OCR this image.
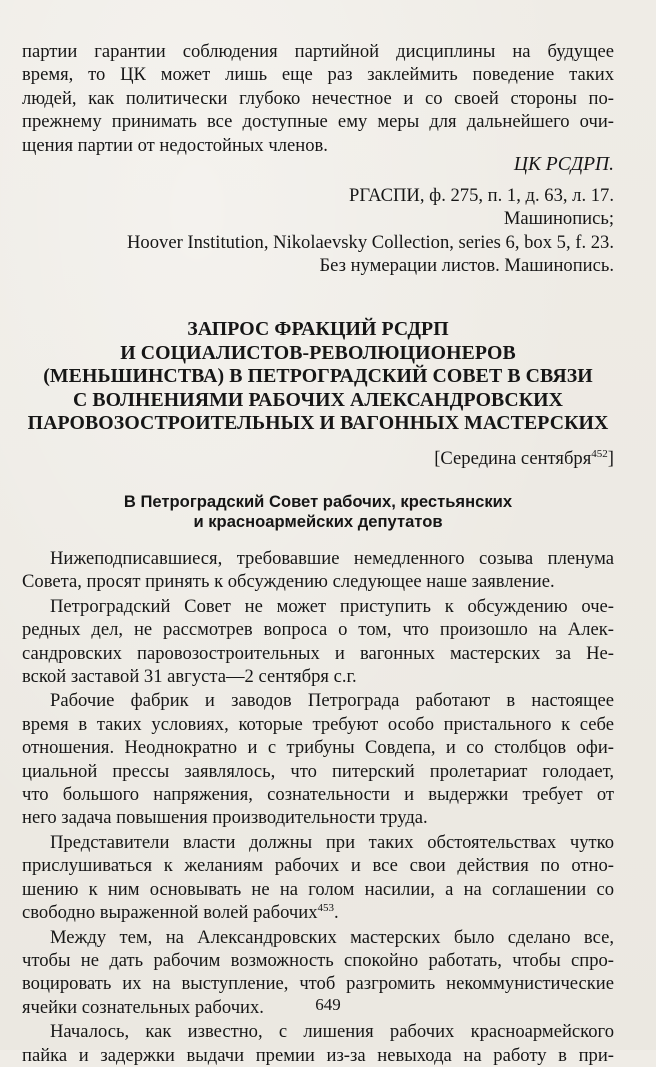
партии гарантии соблюдения партийной дисциплины на будущее

время, то ЦК может лишь еще раз заклеймить поведение таких

людей, как политически глубоко нечестное и со своей стороны по-

прежнему принимать все доступные ему меры для дальнейшего очи-

щения партии от недостойных членов.

ЦК РСДРП.

РГАСПИ, ф. 275, п. 1, д. 63, л. 17.

Машинопись;

Hoover Institution, Nikolaevsky Collection, series 6, box 5, f. 23.

Без нумерации листов. Машинопись.

ЗАПРОС ФРАКЦИЙ РСДРП
И СОЦИАЛИСТОВ-РЕВОЛЮЦИОНЕРОВ
(МЕНЬШИНСТВА) В ПЕТРОГРАДСКИЙ СОВЕТ В СВЯЗИ
С ВОЛНЕНИЯМИ РАБОЧИХ АЛЕКСАНДРОВСКИХ
ПАРОВОЗОСТРОИТЕЛЬНЫХ И ВАГОННЫХ МАСТЕРСКИХ

[Середина сентября$^{452}$]

В Петроградский Совет рабочих, крестьянских
и красноармейских депутатов

Нижеподписавшиеся, требовавшие немедленного созыва пленума

Совета, просят принять к обсуждению следующее наше заявление.

Петроградский Совет не может приступить к обсуждению оче-

редных дел, не рассмотрев вопроса о том, что произошло на Алек-

сандровских паровозостроительных и вагонных мастерских за Не-

вской заставой 31 августа—2 сентября с.г.

Рабочие фабрик и заводов Петрограда работают в настоящее

время в таких условиях, которые требуют особо пристального к себе

отношения. Неоднократно и с трибуны Совдепа, и со столбцов офи-

циальной прессы заявлялось, что питерский пролетариат голодает,

что большого напряжения, сознательности и выдержки требует от

него задача повышения производительности труда.

Представители власти должны при таких обстоятельствах чутко

прислушиваться к желаниям рабочих и все свои действия по отно-

шению к ним основывать не на голом насилии, а на соглашении со

свободно выраженной волей рабочих$^{453}$.

Между тем, на Александровских мастерских было сделано все,

чтобы не дать рабочим возможность спокойно работать, чтобы спро-

воцировать их на выступление, чтоб разгромить некоммунистические

ячейки сознательных рабочих.

Началось, как известно, с лишения рабочих красноармейского

пайка и задержки выдачи премии из-за невыхода на работу в при-

649
